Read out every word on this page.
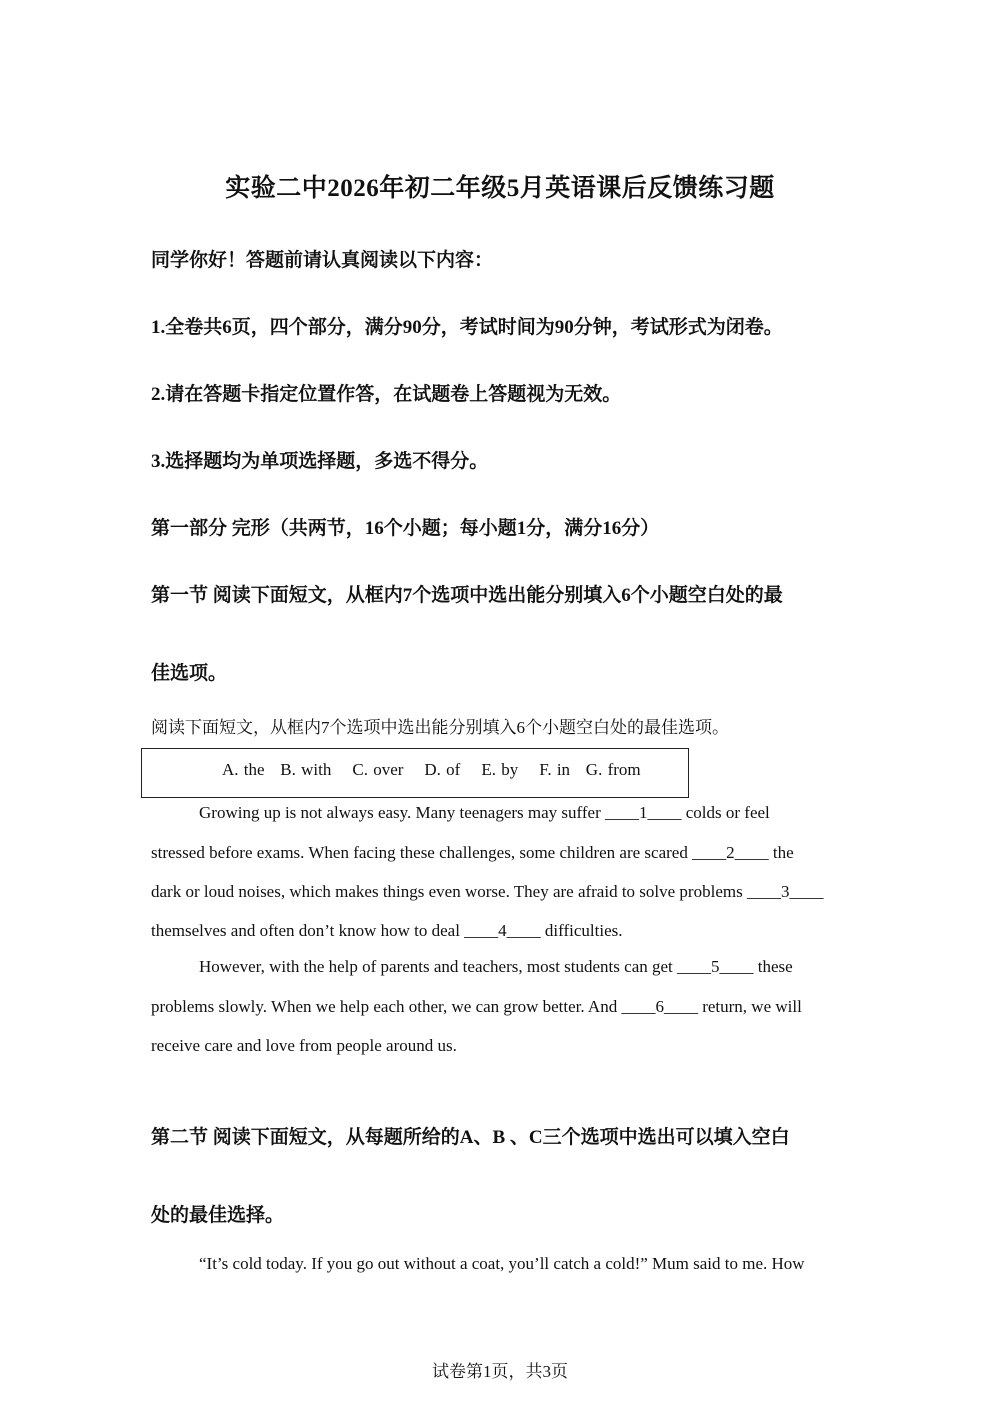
实验二中2026年初二年级5月英语课后反馈练习题
同学你好！答题前请认真阅读以下内容：
1.全卷共6页，四个部分，满分90分，考试时间为90分钟，考试形式为闭卷。
2.请在答题卡指定位置作答，在试题卷上答题视为无效。
3.选择题均为单项选择题，多选不得分。
第一部分 完形（共两节，16个小题；每小题1分，满分16分）
第一节 阅读下面短文，从框内7个选项中选出能分别填入6个小题空白处的最
佳选项。
阅读下面短文，从框内7个选项中选出能分别填入6个小题空白处的最佳选项。
A. the   B. with    C. over    D. of    E. by    F. in   G. from
Growing up is not always easy. Many teenagers may suffer ____1____ colds or feel
stressed before exams. When facing these challenges, some children are scared ____2____ the
dark or loud noises, which makes things even worse. They are afraid to solve problems ____3____
themselves and often don’t know how to deal ____4____ difficulties.
However, with the help of parents and teachers, most students can get ____5____ these
problems slowly. When we help each other, we can grow better. And ____6____ return, we will
receive care and love from people around us.
第二节 阅读下面短文，从每题所给的A、B 、C三个选项中选出可以填入空白
处的最佳选择。
“It’s cold today. If you go out without a coat, you’ll catch a cold!” Mum said to me. How
试卷第1页，共3页
